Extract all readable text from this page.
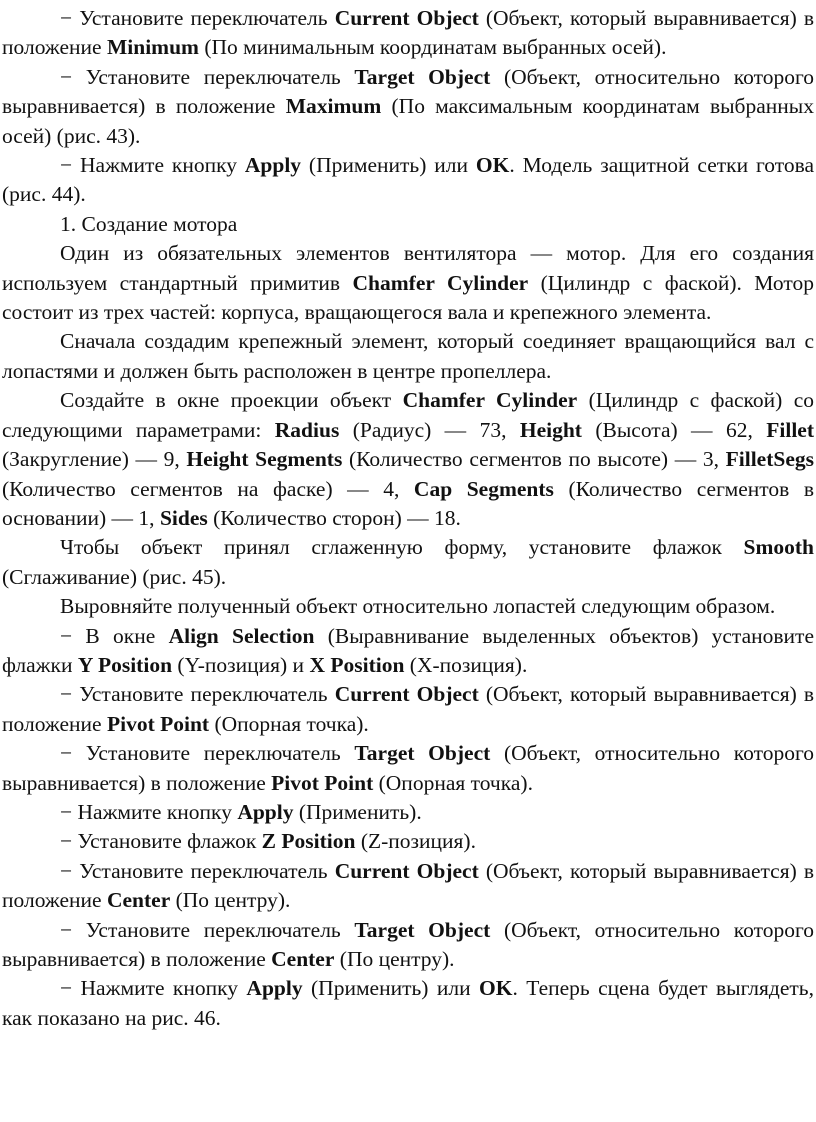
− Установите переключатель Current Object (Объект, который выравнивается) в положение Minimum (По минимальным координатам выбранных осей).

− Установите переключатель Target Object (Объект, относительно которого выравнивается) в положение Maximum (По максимальным координатам выбранных осей) (рис. 43).

− Нажмите кнопку Apply (Применить) или OK. Модель защитной сетки готова (рис. 44).

1. Создание мотора

Один из обязательных элементов вентилятора — мотор. Для его создания используем стандартный примитив Chamfer Cylinder (Цилиндр с фаской). Мотор состоит из трех частей: корпуса, вращающегося вала и крепежного элемента.

Сначала создадим крепежный элемент, который соединяет вращающийся вал с лопастями и должен быть расположен в центре пропеллера.

Создайте в окне проекции объект Chamfer Cylinder (Цилиндр с фаской) со следующими параметрами: Radius (Радиус) — 73, Height (Высота) — 62, Fillet (Закругление) — 9, Height Segments (Количество сегментов по высоте) — 3, FilletSegs (Количество сегментов на фаске) — 4, Cap Segments (Количество сегментов в основании) — 1, Sides (Количество сторон) — 18.

Чтобы объект принял сглаженную форму, установите флажок Smooth (Сглаживание) (рис. 45).

Выровняйте полученный объект относительно лопастей следующим образом.

− В окне Align Selection (Выравнивание выделенных объектов) установите флажки Y Position (Y-позиция) и X Position (X-позиция).

− Установите переключатель Current Object (Объект, который выравнивается) в положение Pivot Point (Опорная точка).

− Установите переключатель Target Object (Объект, относительно которого выравнивается) в положение Pivot Point (Опорная точка).

− Нажмите кнопку Apply (Применить).

− Установите флажок Z Position (Z-позиция).

− Установите переключатель Current Object (Объект, который выравнивается) в положение Center (По центру).

− Установите переключатель Target Object (Объект, относительно которого выравнивается) в положение Center (По центру).

− Нажмите кнопку Apply (Применить) или OK. Теперь сцена будет выглядеть, как показано на рис. 46.
